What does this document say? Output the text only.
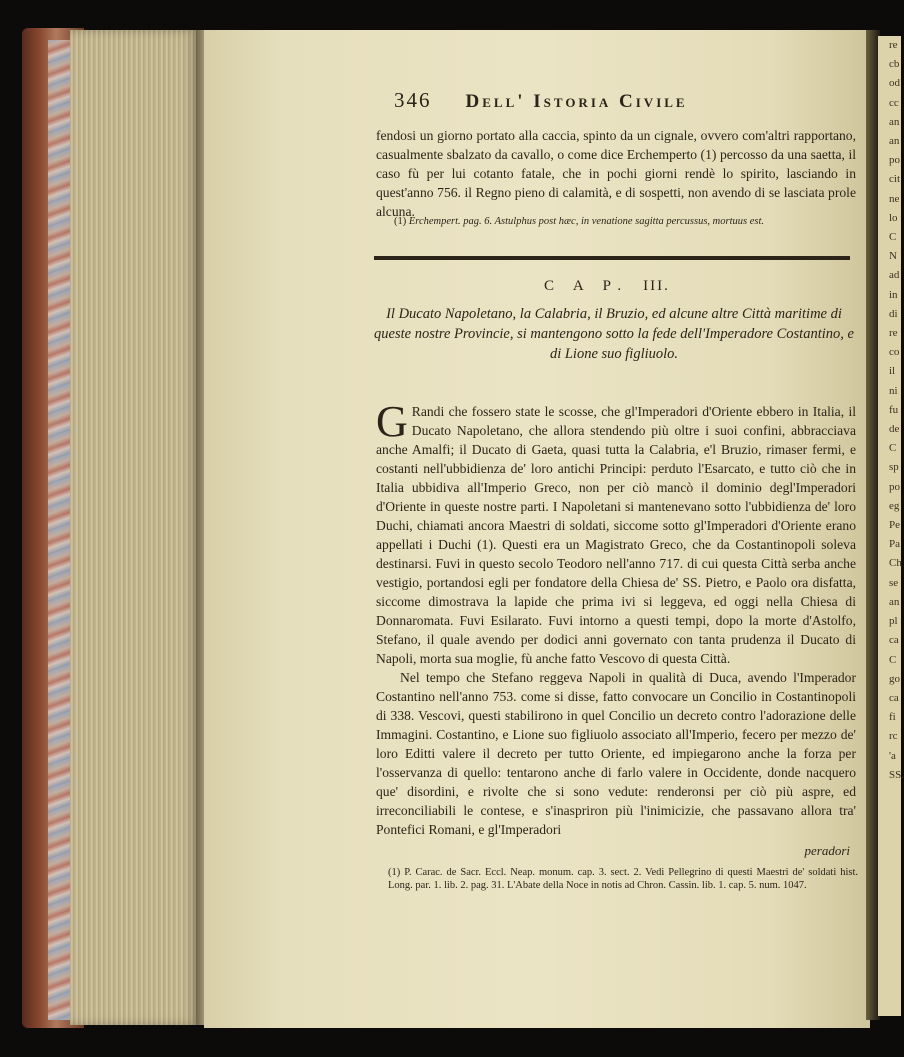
346 Dell' Istoria Civile

fendosi un giorno portato alla caccia, spinto da un cignale, ovvero com'altri rapportano, casualmente sbalzato da cavallo, o come dice Erchemperto (1) percosso da una saetta, il caso fù per lui cotanto fatale, che in pochi giorni rendè lo spirito, lasciando in quest'anno 756. il Regno pieno di calamità, e di sospetti, non avendo di se lasciata prole alcuna.

(1) Erchempert. pag. 6. Astulphus post hæc, in venatione sagitta percussus, mortuus est.
C A P. III.
Il Ducato Napoletano, la Calabria, il Bruzio, ed alcune altre Città maritime di queste nostre Provincie, si mantengono sotto la fede dell'Imperadore Costantino, e di Lione suo figliuolo.

G Randi che fossero state le scosse, che gl'Imperadori d'Oriente ebbero in Italia, il Ducato Napoletano, che allora stendendo più oltre i suoi confini, abbracciava anche Amalfi; il Ducato di Gaeta, quasi tutta la Calabria, e'l Bruzio, rimaser fermi, e costanti nell'ubbidienza de' loro antichi Principi: perduto l'Esarcato, e tutto ciò che in Italia ubbidiva all'Imperio Greco, non per ciò mancò il dominio degl'Imperadori d'Oriente in queste nostre parti. I Napoletani si mantenevano sotto l'ubbidienza de' loro Duchi, chiamati ancora Maestri di soldati, siccome sotto gl'Imperadori d'Oriente erano appellati i Duchi (1). Questi era un Magistrato Greco, che da Costantinopoli soleva destinarsi. Fuvi in questo secolo Teodoro nell'anno 717. di cui questa Città serba anche vestigio, portandosi egli per fondatore della Chiesa de' SS. Pietro, e Paolo ora disfatta, siccome dimostrava la lapide che prima ivi si leggeva, ed oggi nella Chiesa di Donnaromata. Fuvi Esilarato. Fuvi intorno a questi tempi, dopo la morte d'Astolfo, Stefano, il quale avendo per dodici anni governato con tanta prudenza il Ducato di Napoli, morta sua moglie, fù anche fatto Vescovo di questa Città.

Nel tempo che Stefano reggeva Napoli in qualità di Duca, avendo l'Imperador Costantino nell'anno 753. come si disse, fatto convocare un Concilio in Costantinopoli di 338. Vescovi, questi stabilirono in quel Concilio un decreto contro l'adorazione delle Immagini. Costantino, e Lione suo figliuolo associato all'Imperio, fecero per mezzo de' loro Editti valere il decreto per tutto Oriente, ed impiegarono anche la forza per l'osservanza di quello: tentarono anche di farlo valere in Occidente, donde nacquero que' disordini, e rivolte che si sono vedute: renderonsi per ciò più aspre, ed irreconciliabili le contese, e s'inaspriron più l'inimicizie, che passavano allora tra' Pontefici Romani, e gl'Imperadori

peradori
(1) P. Carac. de Sacr. Eccl. Neap. monum. cap. 3. sect. 2. Vedi Pellegrino di questi Maestri de' soldati hist. Long. par. 1. lib. 2. pag. 31. L'Abate della Noce in notis ad Chron. Cassin. lib. 1. cap. 5. num. 1047.
re
cb
od
cc
an
an
po
cit
ne
lo
C
N
ad
in
di
re
co
il
ni
fu
de
C
sp
po
eg
Pe
Pa
Ch
se
an
pl
ca
C
go
ca
fi
rc
'a
SS.
